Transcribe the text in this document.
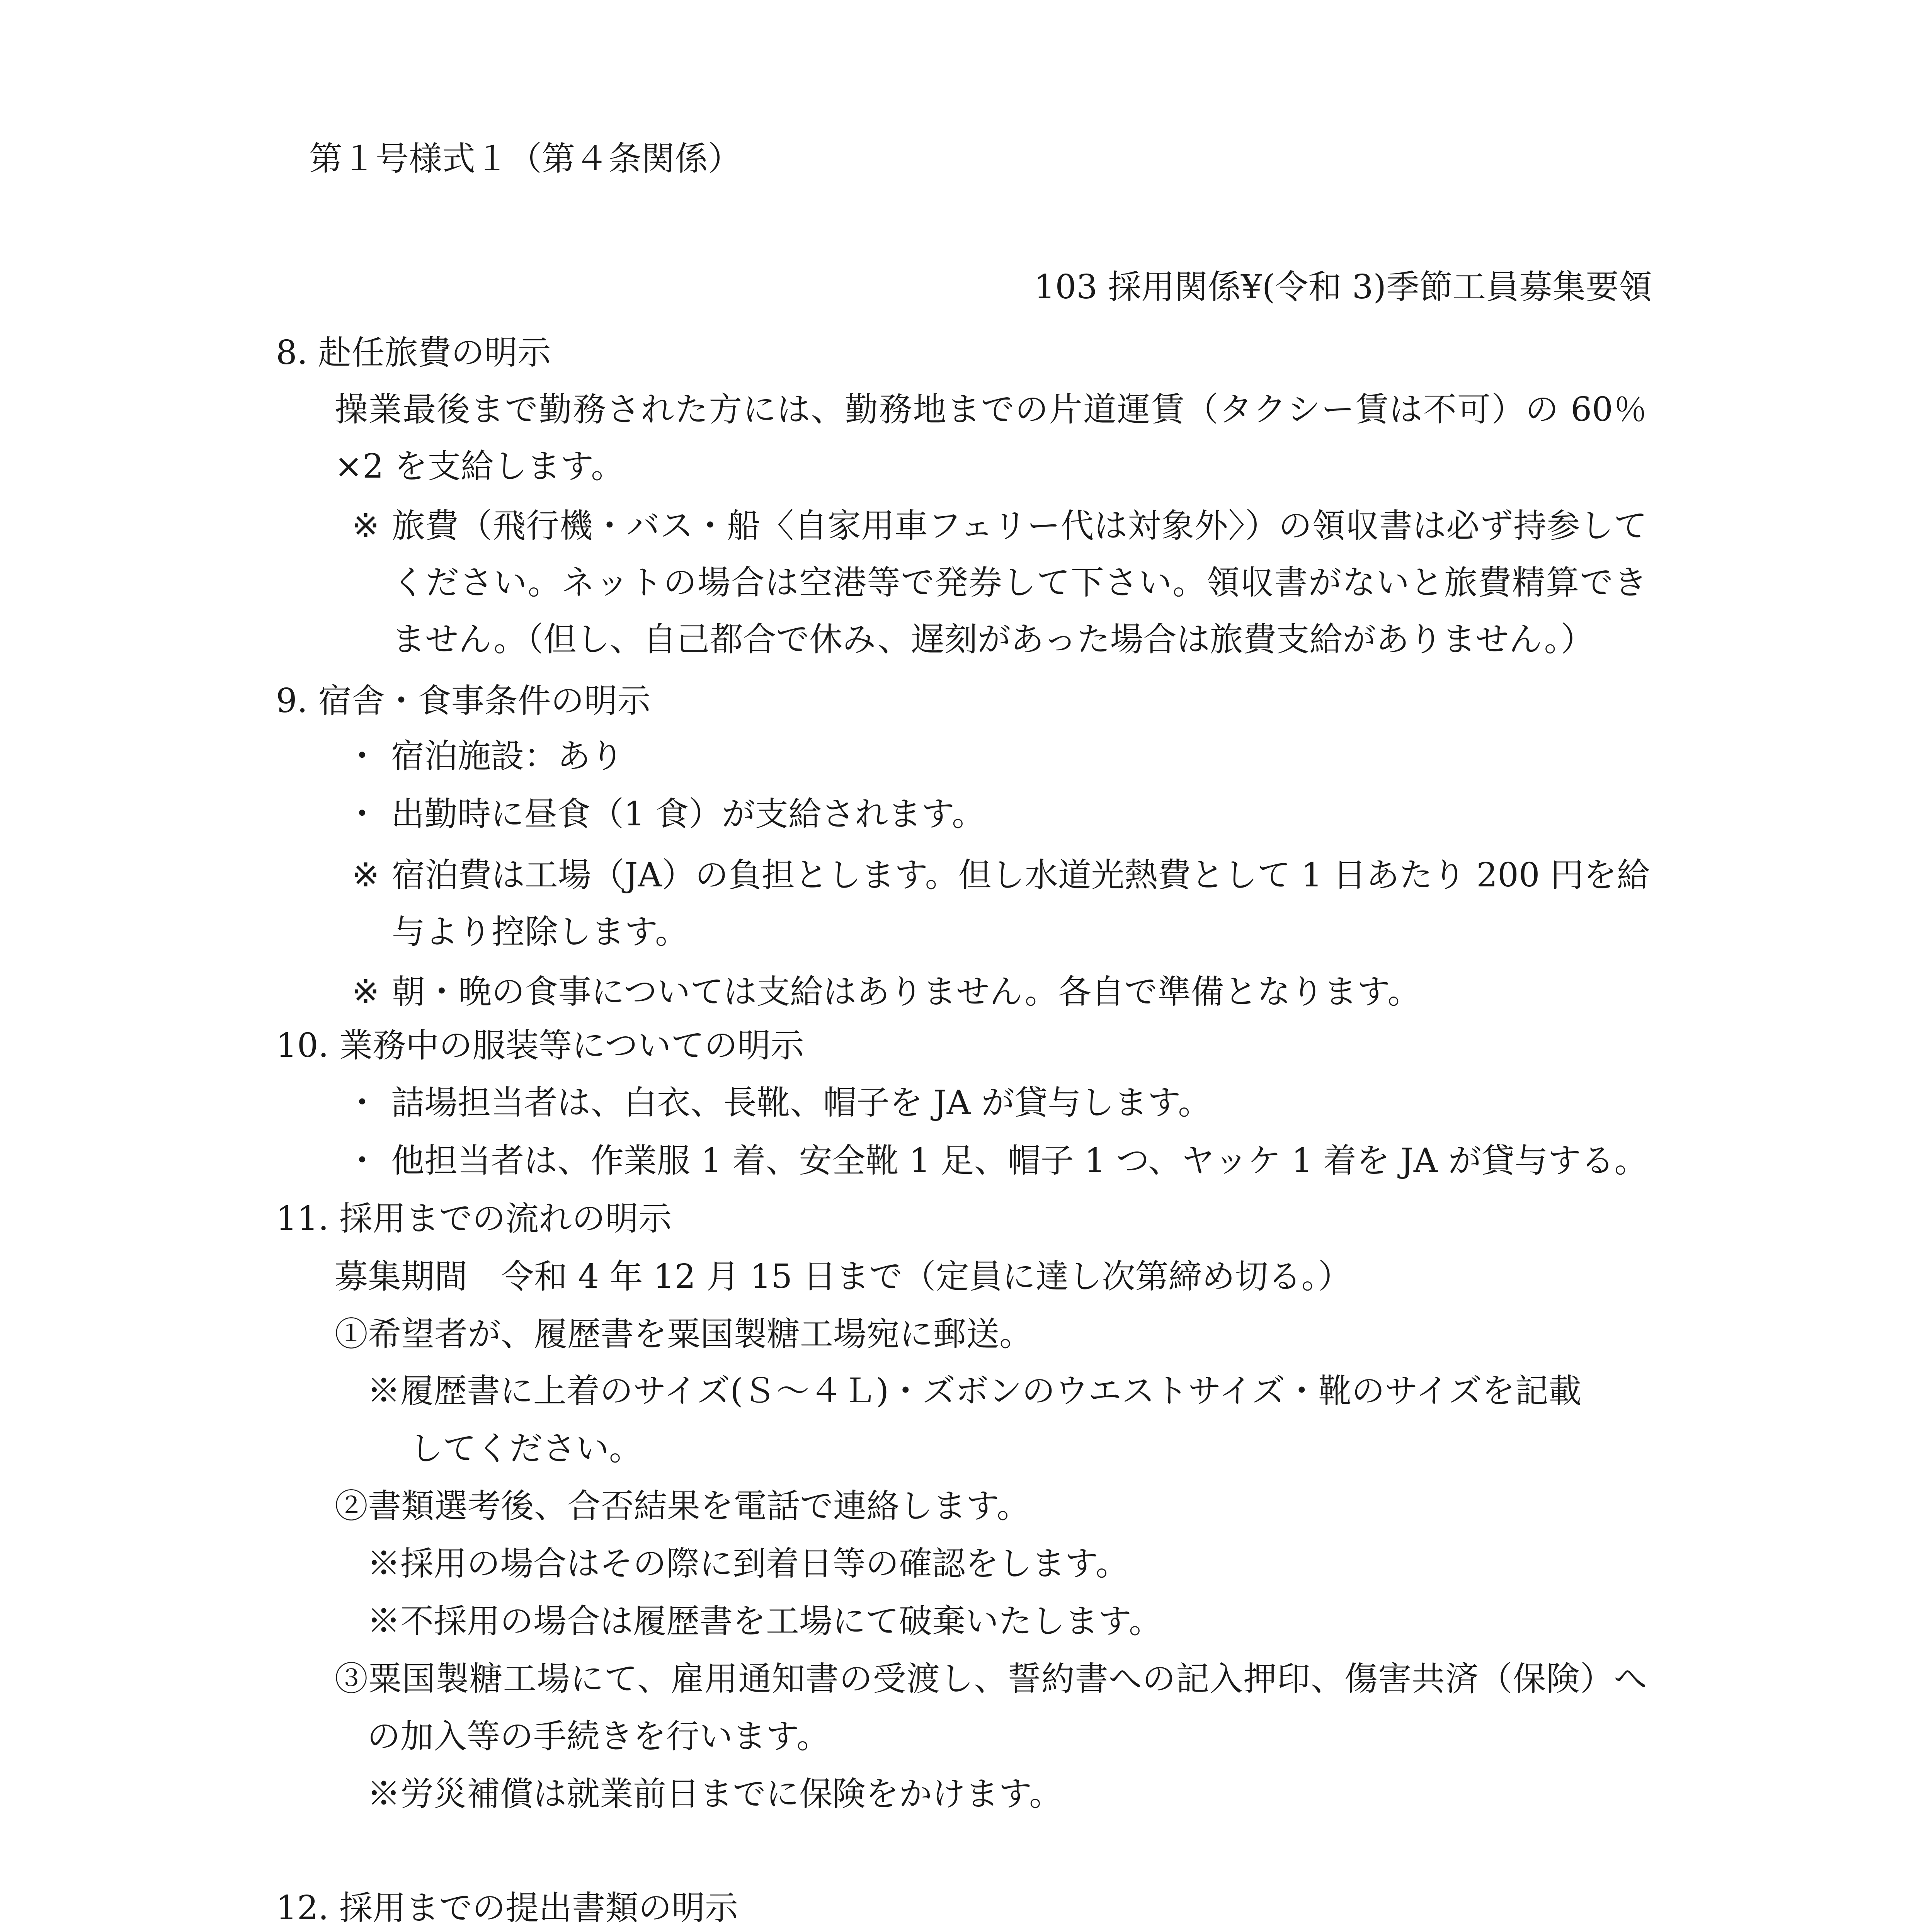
第１号様式１（第４条関係）
103 採用関係¥(令和 3)季節工員募集要領
8. 赴任旅費の明示
操業最後まで勤務された方には、勤務地までの片道運賃（タクシー賃は不可）の 60％
×2 を支給します。
※ 旅費（飛行機・バス・船〈自家用車フェリー代は対象外〉）の領収書は必ず持参して
ください。ネットの場合は空港等で発券して下さい。領収書がないと旅費精算でき
ません。（但し、自己都合で休み、遅刻があった場合は旅費支給がありません。）
9. 宿舎・食事条件の明示
・ 宿泊施設：あり
・ 出勤時に昼食（1 食）が支給されます。
※ 宿泊費は工場（JA）の負担とします。但し水道光熱費として 1 日あたり 200 円を給
与より控除します。
※ 朝・晩の食事については支給はありません。各自で準備となります。
10. 業務中の服装等についての明示
・ 詰場担当者は、白衣、長靴、帽子を JA が貸与します。
・ 他担当者は、作業服 1 着、安全靴 1 足、帽子 1 つ、ヤッケ 1 着を JA が貸与する。
11. 採用までの流れの明示
募集期間　令和 4 年 12 月 15 日まで（定員に達し次第締め切る。）
①希望者が、履歴書を粟国製糖工場宛に郵送。
※履歴書に上着のサイズ(Ｓ～４Ｌ)・ズボンのウエストサイズ・靴のサイズを記載
してください。
②書類選考後、合否結果を電話で連絡します。
※採用の場合はその際に到着日等の確認をします。
※不採用の場合は履歴書を工場にて破棄いたします。
③粟国製糖工場にて、雇用通知書の受渡し、誓約書への記入押印、傷害共済（保険）へ
の加入等の手続きを行います。
※労災補償は就業前日までに保険をかけます。
12. 採用までの提出書類の明示
